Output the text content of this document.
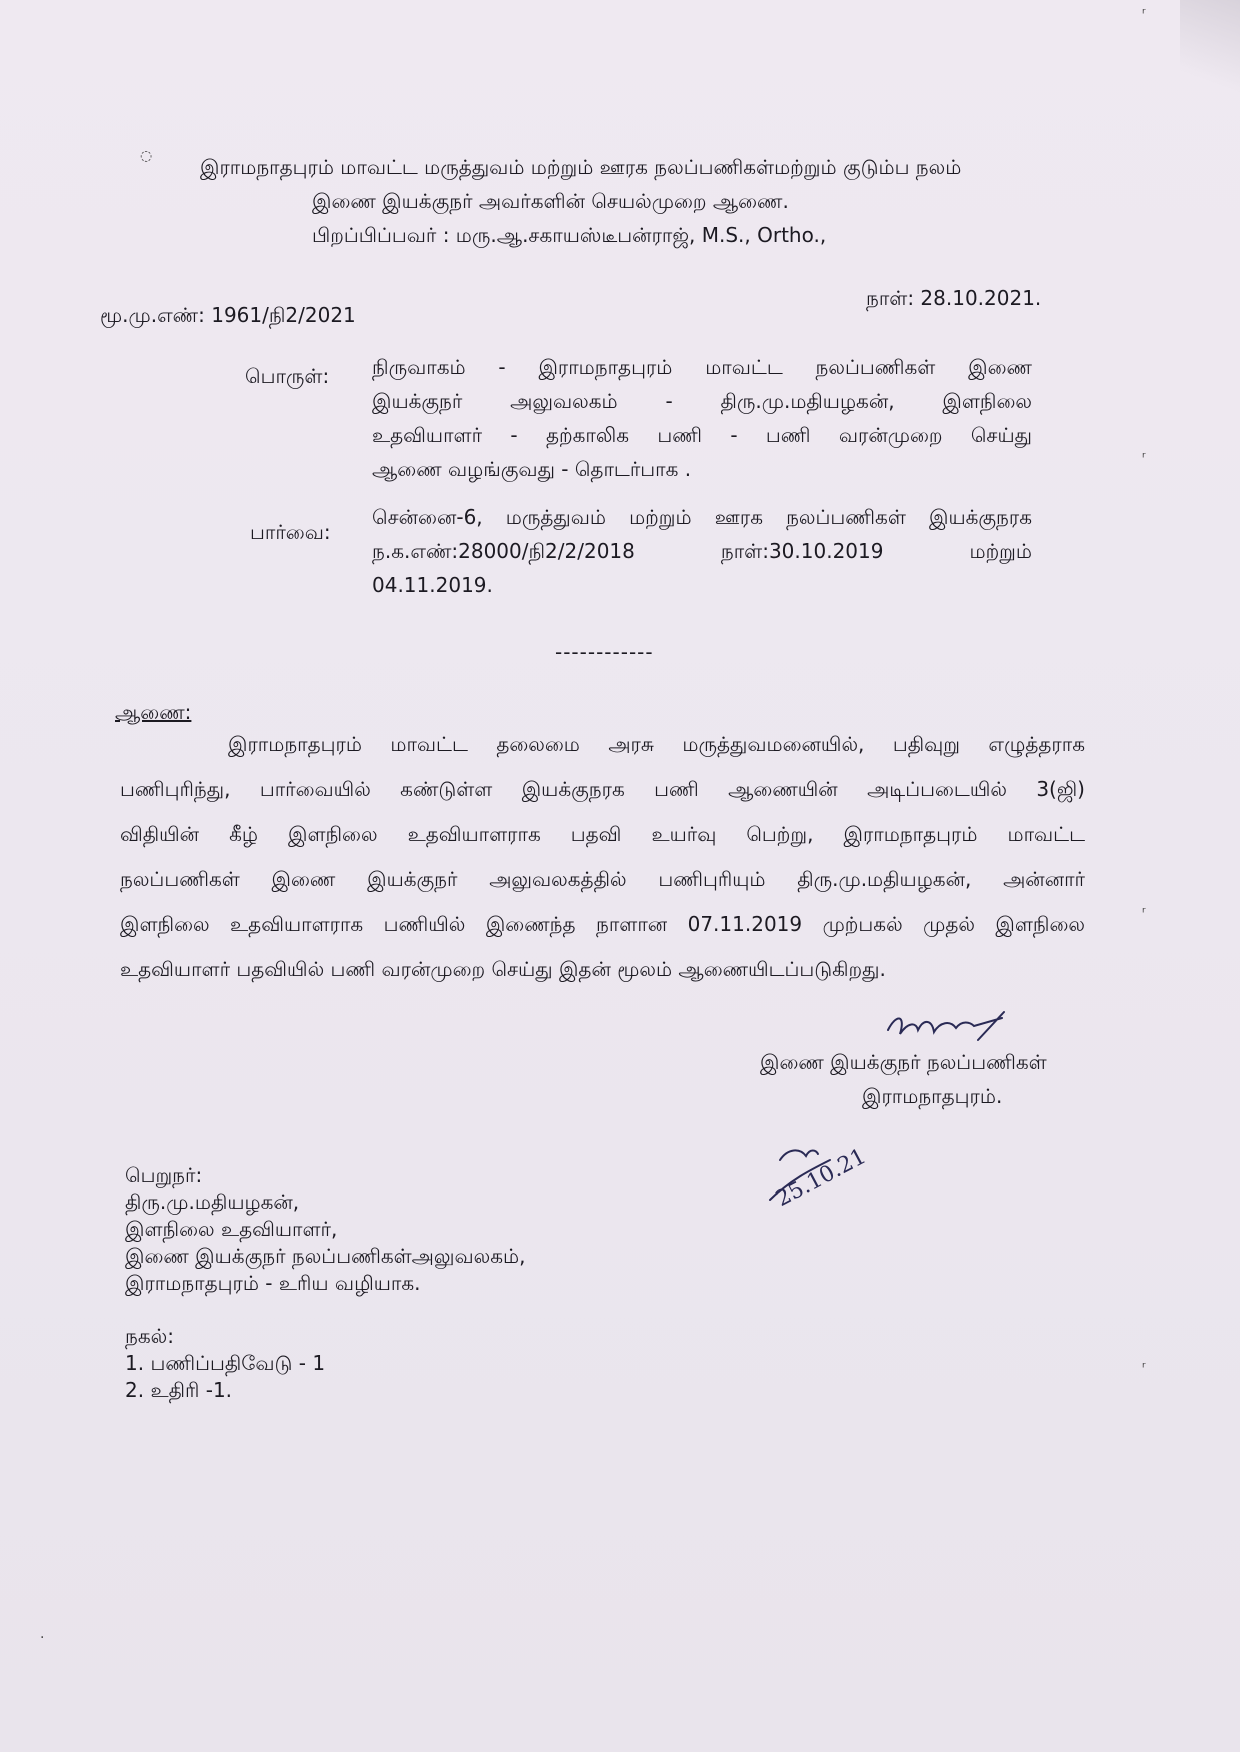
இராமநாதபுரம் மாவட்ட மருத்துவம் மற்றும் ஊரக நலப்பணிகள்மற்றும் குடும்ப நலம்
இணை இயக்குநர் அவர்களின் செயல்முறை ஆணை.
பிறப்பிப்பவர் : மரு.ஆ.சகாயஸ்டீபன்ராஜ், M.S., Ortho.,
மூ.மு.எண்: 1961/நி2/2021
நாள்: 28.10.2021.
பொருள்: நிருவாகம் - இராமநாதபுரம் மாவட்ட நலப்பணிகள் இணை
இயக்குநர் அலுவலகம் - திரு.மு.மதியழகன், இளநிலை
உதவியாளர் - தற்காலிக பணி - பணி வரன்முறை செய்து
ஆணை வழங்குவது - தொடர்பாக .
பார்வை:
சென்னை-6, மருத்துவம் மற்றும் ஊரக நலப்பணிகள் இயக்குநரக
ந.க.எண்:28000/நி2/2/2018 நாள்:30.10.2019 மற்றும்
04.11.2019.
------------
ஆணை:
இராமநாதபுரம் மாவட்ட தலைமை அரசு மருத்துவமனையில், பதிவுறு எழுத்தராக
பணிபுரிந்து, பார்வையில் கண்டுள்ள இயக்குநரக பணி ஆணையின் அடிப்படையில் 3(ஜி)
விதியின் கீழ் இளநிலை உதவியாளராக பதவி உயர்வு பெற்று, இராமநாதபுரம் மாவட்ட
நலப்பணிகள் இணை இயக்குநர் அலுவலகத்தில் பணிபுரியும் திரு.மு.மதியழகன், அன்னார்
இளநிலை உதவியாளராக பணியில் இணைந்த நாளான 07.11.2019 முற்பகல் முதல் இளநிலை
உதவியாளர் பதவியில் பணி வரன்முறை செய்து இதன் மூலம் ஆணையிடப்படுகிறது.
இணை இயக்குநர் நலப்பணிகள்
இராமநாதபுரம்.
25.10.21
பெறுநர்:
திரு.மு.மதியழகன்,
இளநிலை உதவியாளர்,
இணை இயக்குநர் நலப்பணிகள்அலுவலகம்,
இராமநாதபுரம் - உரிய வழியாக.
நகல்:
1. பணிப்பதிவேடு - 1
2. உதிரி -1.
◌
ʳ
ʳ
ʳ
ʳ
·
